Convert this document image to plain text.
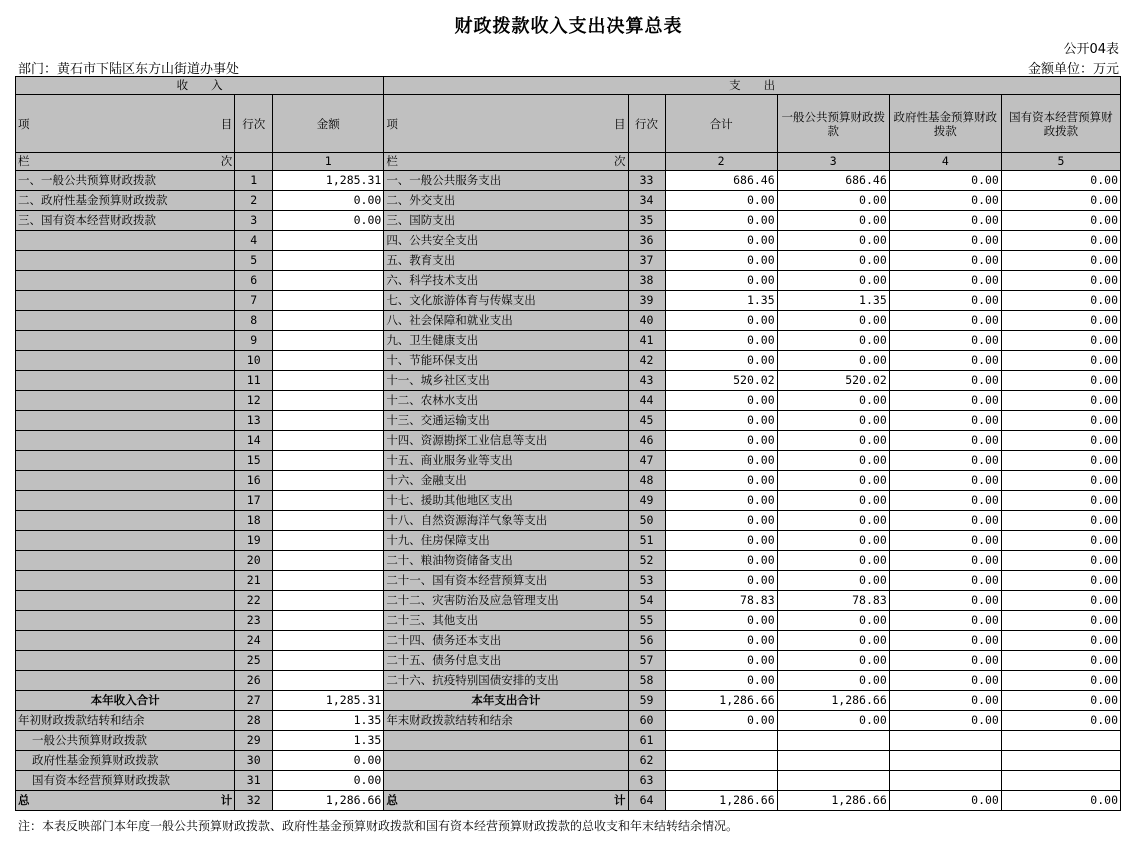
财政拨款收入支出决算总表
公开04表
部门：黄石市下陆区东方山街道办事处	金额单位：万元
收　　入			支　　出					

项 目	行次	金额	项 目	行次	合计	一般公共预算财政拨款	政府性基金预算财政拨款	国有资本经营预算财政拨款

栏 次		1	栏 次		2	3	4	5
一、一般公共预算财政拨款	1	1,285.31	一、一般公共服务支出	33	686.46	686.46	0.00	0.00
二、政府性基金预算财政拨款	2	0.00	二、外交支出	34	0.00	0.00	0.00	0.00
三、国有资本经营财政拨款	3	0.00	三、国防支出	35	0.00	0.00	0.00	0.00
	4		四、公共安全支出	36	0.00	0.00	0.00	0.00
	5		五、教育支出	37	0.00	0.00	0.00	0.00
	6		六、科学技术支出	38	0.00	0.00	0.00	0.00
	7		七、文化旅游体育与传媒支出	39	1.35	1.35	0.00	0.00
	8		八、社会保障和就业支出	40	0.00	0.00	0.00	0.00
	9		九、卫生健康支出	41	0.00	0.00	0.00	0.00
	10		十、节能环保支出	42	0.00	0.00	0.00	0.00
	11		十一、城乡社区支出	43	520.02	520.02	0.00	0.00
	12		十二、农林水支出	44	0.00	0.00	0.00	0.00
	13		十三、交通运输支出	45	0.00	0.00	0.00	0.00
	14		十四、资源勘探工业信息等支出	46	0.00	0.00	0.00	0.00
	15		十五、商业服务业等支出	47	0.00	0.00	0.00	0.00
	16		十六、金融支出	48	0.00	0.00	0.00	0.00
	17		十七、援助其他地区支出	49	0.00	0.00	0.00	0.00
	18		十八、自然资源海洋气象等支出	50	0.00	0.00	0.00	0.00
	19		十九、住房保障支出	51	0.00	0.00	0.00	0.00
	20		二十、粮油物资储备支出	52	0.00	0.00	0.00	0.00
	21		二十一、国有资本经营预算支出	53	0.00	0.00	0.00	0.00
	22		二十二、灾害防治及应急管理支出	54	78.83	78.83	0.00	0.00
	23		二十三、其他支出	55	0.00	0.00	0.00	0.00
	24		二十四、债务还本支出	56	0.00	0.00	0.00	0.00
	25		二十五、债务付息支出	57	0.00	0.00	0.00	0.00
	26		二十六、抗疫特别国债安排的支出	58	0.00	0.00	0.00	0.00
本年收入合计	27	1,285.31	本年支出合计	59	1,286.66	1,286.66	0.00	0.00
年初财政拨款结转和结余	28	1.35	年末财政拨款结转和结余	60	0.00	0.00	0.00	0.00
一般公共预算财政拨款	29	1.35		61				
政府性基金预算财政拨款	30	0.00		62				
国有资本经营预算财政拨款	31	0.00		63				

总 计	32	1,286.66	总 计	64	1,286.66	1,286.66	0.00	0.00
注：本表反映部门本年度一般公共预算财政拨款、政府性基金预算财政拨款和国有资本经营预算财政拨款的总收支和年末结转结余情况。
